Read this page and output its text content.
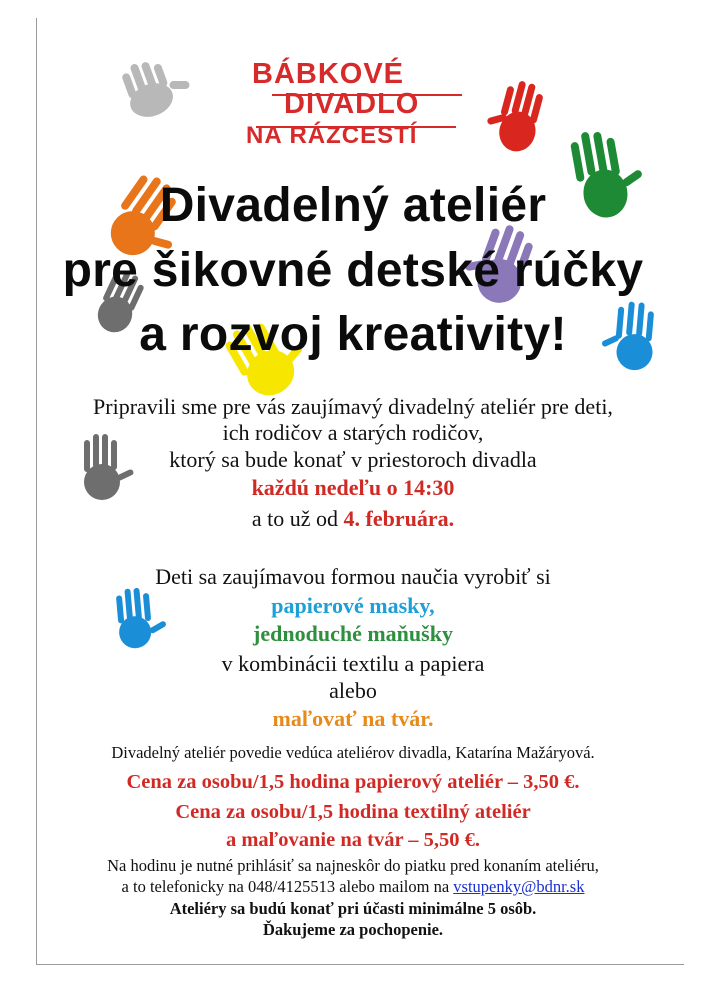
BÁBKOVÉ
DIVADLO
NA RÁZCESTÍ
Divadelný ateliér
pre šikovné detské rúčky
a rozvoj kreativity!
Pripravili sme pre vás zaujímavý divadelný ateliér pre deti,
ich rodičov a starých rodičov,
ktorý sa bude konať v priestoroch divadla
každú nedeľu o 14:30
a to už od 4. februára.
Deti sa zaujímavou formou naučia vyrobiť si
papierové masky,
jednoduché maňušky
v kombinácii textilu a papiera
alebo
maľovať na tvár.
Divadelný ateliér povedie vedúca ateliérov divadla, Katarína Mažáryová.
Cena za osobu/1,5 hodina papierový ateliér – 3,50 €.
Cena za osobu/1,5 hodina textilný ateliér
a maľovanie na tvár – 5,50 €.
Na hodinu je nutné prihlásiť sa najneskôr do piatku pred konaním ateliéru,
a to telefonicky na 048/4125513 alebo mailom na vstupenky@bdnr.sk
Ateliéry sa budú konať pri účasti minimálne 5 osôb.
Ďakujeme za pochopenie.
